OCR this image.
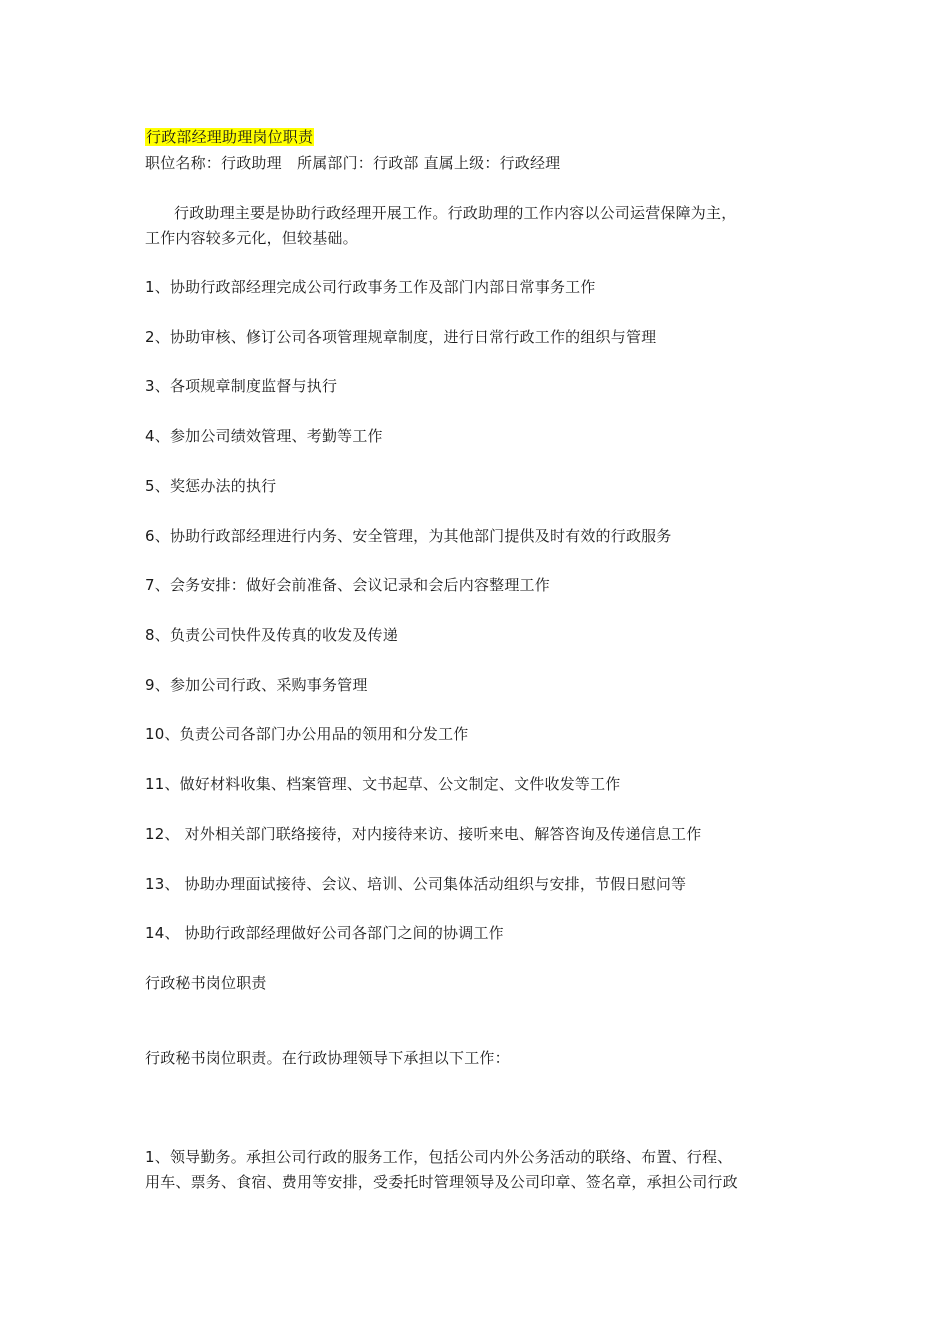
行政部经理助理岗位职责
职位名称：行政助理　所属部门：行政部 直属上级：行政经理
行政助理主要是协助行政经理开展工作。行政助理的工作内容以公司运营保障为主，
工作内容较多元化，但较基础。
1、协助行政部经理完成公司行政事务工作及部门内部日常事务工作
2、协助审核、修订公司各项管理规章制度，进行日常行政工作的组织与管理
3、各项规章制度监督与执行
4、参加公司绩效管理、考勤等工作
5、奖惩办法的执行
6、协助行政部经理进行内务、安全管理，为其他部门提供及时有效的行政服务
7、会务安排：做好会前准备、会议记录和会后内容整理工作
8、负责公司快件及传真的收发及传递
9、参加公司行政、采购事务管理
10、负责公司各部门办公用品的领用和分发工作
11、做好材料收集、档案管理、文书起草、公文制定、文件收发等工作
12、 对外相关部门联络接待，对内接待来访、接听来电、解答咨询及传递信息工作
13、 协助办理面试接待、会议、培训、公司集体活动组织与安排，节假日慰问等
14、 协助行政部经理做好公司各部门之间的协调工作
行政秘书岗位职责
行政秘书岗位职责。在行政协理领导下承担以下工作：
1、领导勤务。承担公司行政的服务工作，包括公司内外公务活动的联络、布置、行程、
用车、票务、食宿、费用等安排，受委托时管理领导及公司印章、签名章，承担公司行政
